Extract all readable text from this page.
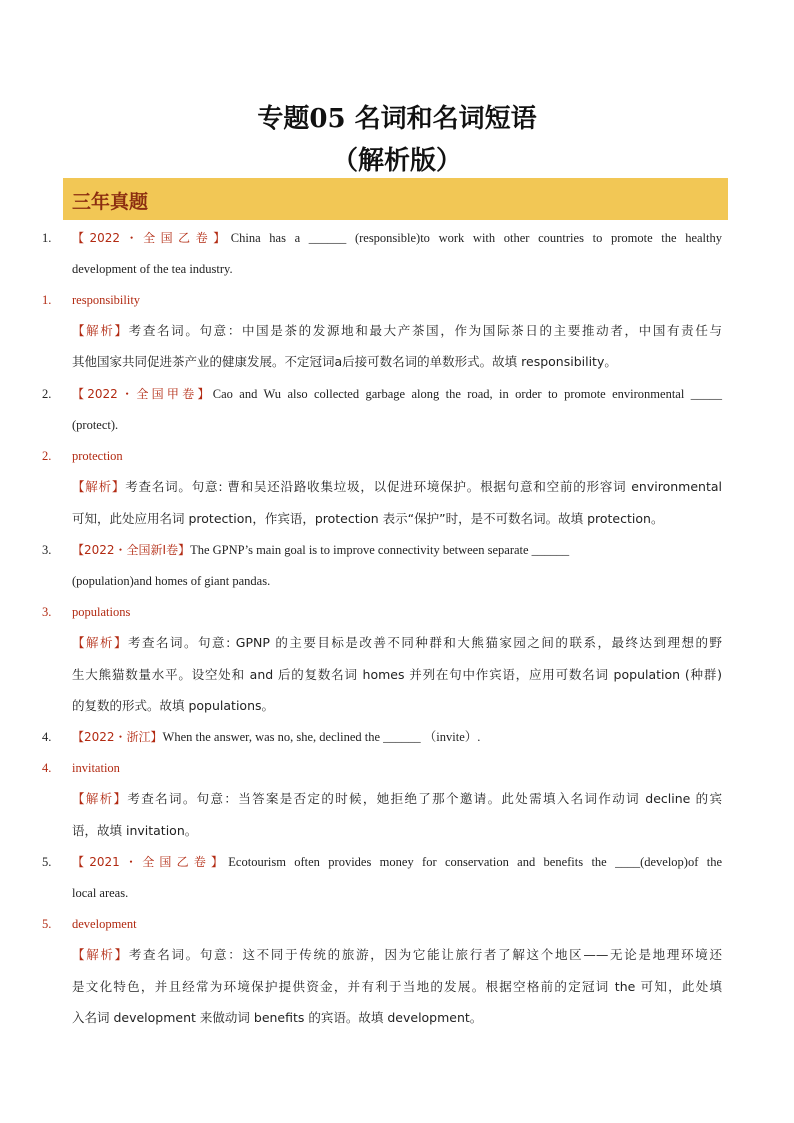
专题05 名词和名词短语
（解析版）
三年真题
1. 【2022・全国乙卷】China has a ______ (responsible)to work with other countries to promote the healthy
development of the tea industry.
1. responsibility
【解析】考查名词。句意：中国是茶的发源地和最大产茶国，作为国际茶日的主要推动者，中国有责任与
其他国家共同促进茶产业的健康发展。不定冠词a后接可数名词的单数形式。故填 responsibility。
2. 【2022・全国甲卷】Cao and Wu also collected garbage along the road, in order to promote environmental _____
(protect).
2. protection
【解析】考查名词。句意: 曹和吴还沿路收集垃圾，以促进环境保护。根据句意和空前的形容词 environmental
可知，此处应用名词 protection，作宾语，protection 表示“保护”时，是不可数名词。故填 protection。
3. 【2022・全国新I卷】The GPNP’s main goal is to improve connectivity between separate ______
(population)and homes of giant pandas.
3. populations
【解析】考查名词。句意: GPNP 的主要目标是改善不同种群和大熊猫家园之间的联系，最终达到理想的野
生大熊猫数量水平。设空处和 and 后的复数名词 homes 并列在句中作宾语，应用可数名词 population (种群)
的复数的形式。故填 populations。
4. 【2022・浙江】When the answer, was no, she, declined the ______ （invite）.
4. invitation
【解析】考查名词。句意：当答案是否定的时候，她拒绝了那个邀请。此处需填入名词作动词 decline 的宾
语，故填 invitation。
5. 【2021・全国乙卷】Ecotourism often provides money for conservation and benefits the ____(develop)of the
local areas.
5. development
【解析】考查名词。句意：这不同于传统的旅游，因为它能让旅行者了解这个地区——无论是地理环境还
是文化特色，并且经常为环境保护提供资金，并有利于当地的发展。根据空格前的定冠词 the 可知，此处填
入名词 development 来做动词 benefits 的宾语。故填 development。
